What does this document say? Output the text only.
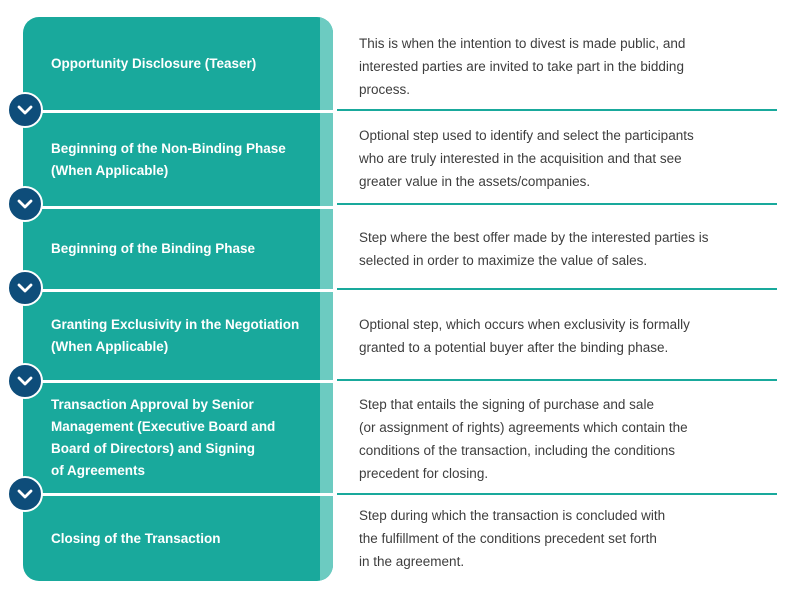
Opportunity Disclosure (Teaser)
Beginning of the Non-Binding Phase
(When Applicable)
Beginning of the Binding Phase
Granting Exclusivity in the Negotiation
(When Applicable)
Transaction Approval by Senior
Management (Executive Board and
Board of Directors) and Signing
of Agreements
Closing of the Transaction
This is when the intention to divest is made public, and
interested parties are invited to take part in the bidding
process.
Optional step used to identify and select the participants
who are truly interested in the acquisition and that see
greater value in the assets/companies.
Step where the best offer made by the interested parties is
selected in order to maximize the value of sales.
Optional step, which occurs when exclusivity is formally
granted to a potential buyer after the binding phase.
Step that entails the signing of purchase and sale
(or assignment of rights) agreements which contain the
conditions of the transaction, including the conditions
precedent for closing.
Step during which the transaction is concluded with
the fulfillment of the conditions precedent set forth
in the agreement.
